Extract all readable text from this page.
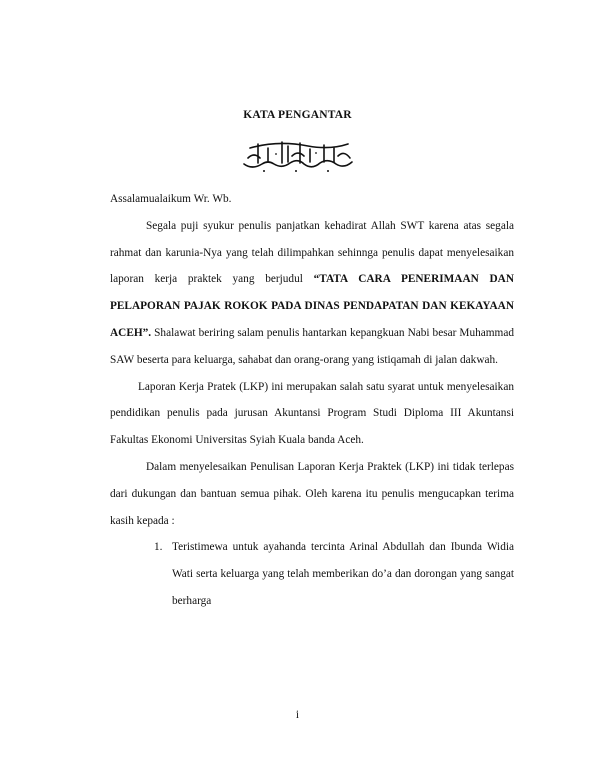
KATA PENGANTAR

Assalamualaikum Wr. Wb.

Segala puji syukur penulis panjatkan kehadirat Allah SWT karena atas segala rahmat dan karunia-Nya yang telah dilimpahkan sehinnga penulis dapat menyelesaikan laporan kerja praktek yang berjudul “TATA CARA PENERIMAAN DAN PELAPORAN PAJAK ROKOK PADA DINAS PENDAPATAN DAN KEKAYAAN ACEH”. Shalawat beriring salam penulis hantarkan kepangkuan Nabi besar Muhammad SAW beserta para keluarga, sahabat dan orang-orang yang istiqamah di jalan dakwah.

Laporan Kerja Pratek (LKP) ini merupakan salah satu syarat untuk menyelesaikan pendidikan penulis pada jurusan Akuntansi Program Studi Diploma III Akuntansi Fakultas Ekonomi Universitas Syiah Kuala banda Aceh.

Dalam menyelesaikan Penulisan Laporan Kerja Praktek (LKP) ini tidak terlepas dari dukungan dan bantuan semua pihak. Oleh karena itu penulis mengucapkan terima kasih kepada :

1. Teristimewa untuk ayahanda tercinta Arinal Abdullah dan Ibunda Widia Wati serta keluarga yang telah memberikan do’a dan dorongan yang sangat berharga
i
